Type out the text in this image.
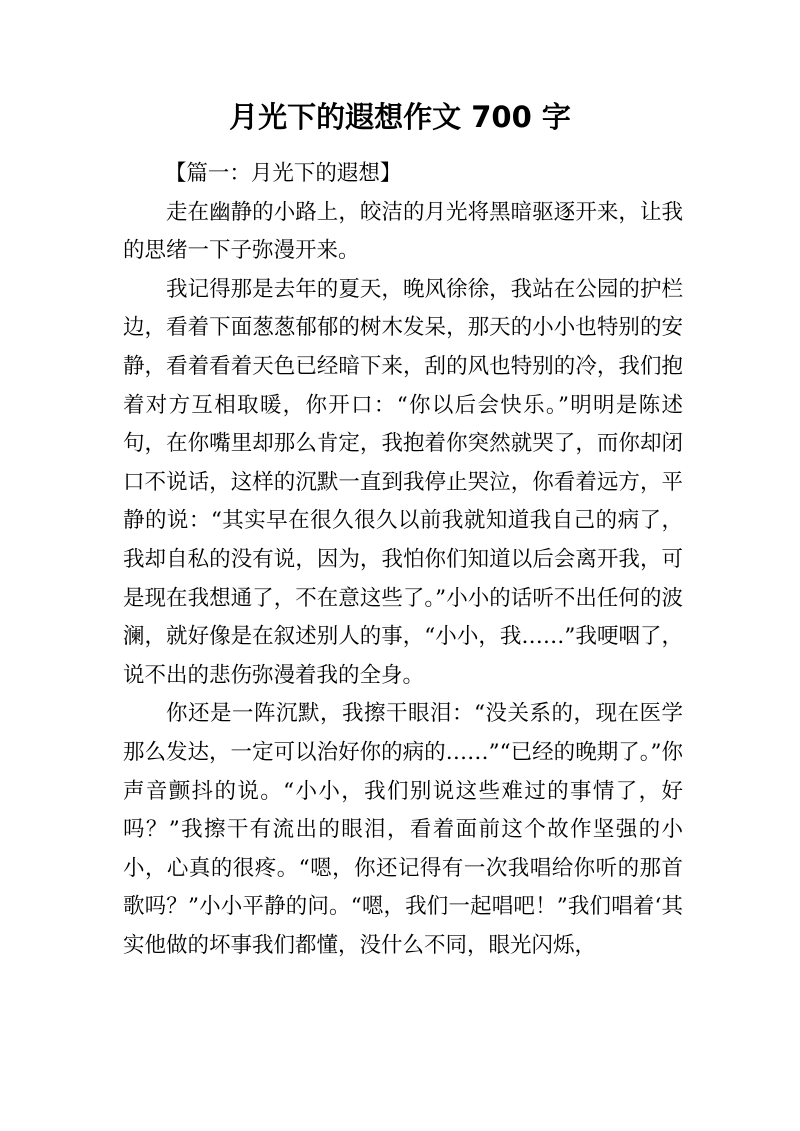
月光下的遐想作文 700 字

【篇一：月光下的遐想】

走在幽静的小路上，皎洁的月光将黑暗驱逐开来，让我的思绪一下子弥漫开来。

我记得那是去年的夏天，晚风徐徐，我站在公园的护栏边，看着下面葱葱郁郁的树木发呆，那天的小小也特别的安静，看着看着天色已经暗下来，刮的风也特别的冷，我们抱着对方互相取暖，你开口：“你以后会快乐。”明明是陈述句，在你嘴里却那么肯定，我抱着你突然就哭了，而你却闭口不说话，这样的沉默一直到我停止哭泣，你看着远方，平静的说：“其实早在很久很久以前我就知道我自己的病了，我却自私的没有说，因为，我怕你们知道以后会离开我，可是现在我想通了，不在意这些了。”小小的话听不出任何的波澜，就好像是在叙述别人的事，“小小，我……”我哽咽了，说不出的悲伤弥漫着我的全身。

你还是一阵沉默，我擦干眼泪：“没关系的，现在医学那么发达，一定可以治好你的病的……”“已经的晚期了。”你声音颤抖的说。“小小，我们别说这些难过的事情了，好吗？”我擦干有流出的眼泪，看着面前这个故作坚强的小小，心真的很疼。“嗯，你还记得有一次我唱给你听的那首歌吗？”小小平静的问。“嗯，我们一起唱吧！”我们唱着‘其实他做的坏事我们都懂，没什么不同，眼光闪烁，
